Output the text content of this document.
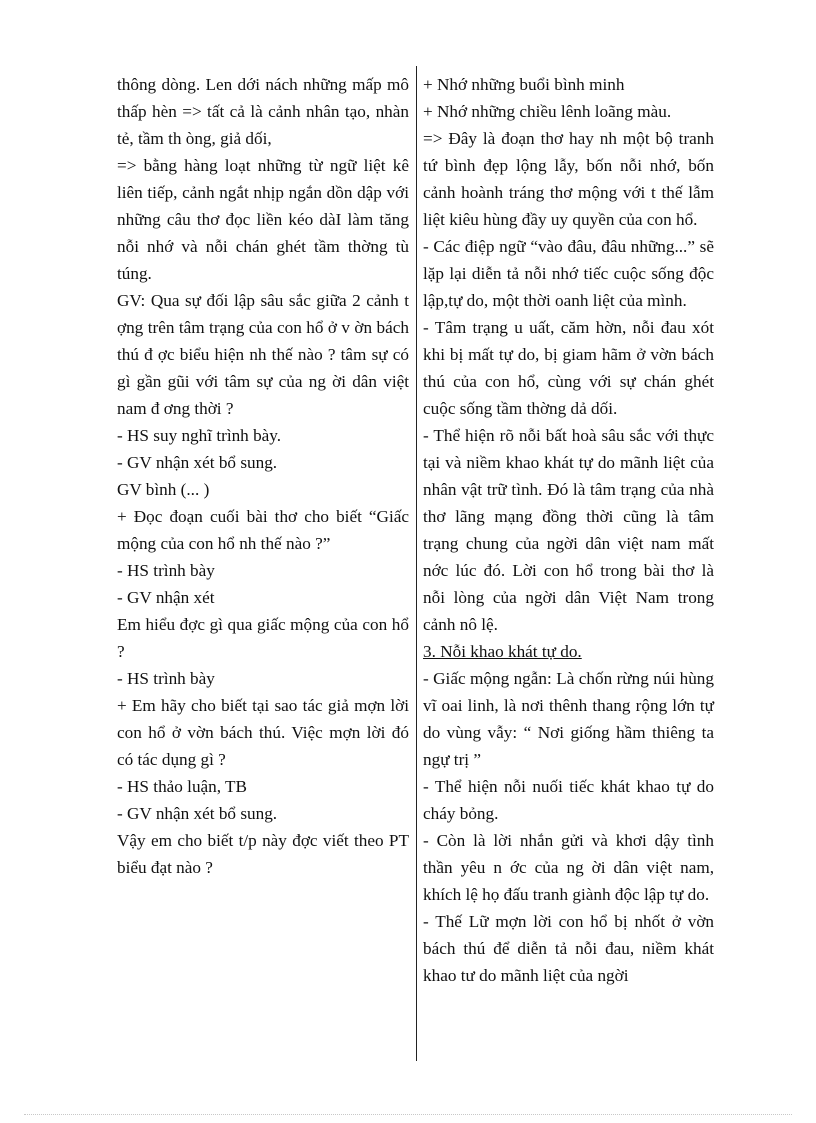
thông dòng. Len dới nách những mấp mô thấp hèn => tất cả là cảnh nhân tạo, nhàn tẻ, tầm th òng, giả dối,

=> bằng hàng loạt những từ ngữ liệt kê liên tiếp, cảnh ngắt nhịp ngắn dồn dập với những câu thơ đọc liền kéo dàI làm tăng nỗi nhớ và nỗi chán ghét tầm thờng tù túng.

GV: Qua sự đối lập sâu sắc giữa 2 cảnh t ợng trên tâm trạng của con hổ ở v ờn bách thú đ ợc biểu hiện nh thế nào ? tâm sự có gì gần gũi với tâm sự của ng ời dân việt nam đ ơng thời ?

- HS suy nghĩ trình bày.

- GV nhận xét bổ sung.

GV bình (... )

+ Đọc đoạn cuối bài thơ cho biết “Giấc mộng của con hổ nh thế nào ?”

- HS trình bày

- GV nhận xét

Em hiểu đợc gì qua giấc mộng của con hổ ?

- HS trình bày

+ Em hãy cho biết tại sao tác giả mợn lời con hổ ở vờn bách thú. Việc mợn lời đó có tác dụng gì ?

- HS thảo luận, TB

- GV nhận xét bổ sung.

Vậy em cho biết t/p này đợc viết theo PT biểu đạt nào ?

+ Nhớ những buổi bình minh

+ Nhớ những chiều lênh loãng màu.

=> Đây là đoạn thơ hay nh một bộ tranh tứ bình đẹp lộng lẫy, bốn nỗi nhớ, bốn cảnh hoành tráng thơ mộng với t thế lẫm liệt kiêu hùng đầy uy quyền của con hổ.

- Các điệp ngữ “vào đâu, đâu những...” sẽ lặp lại diễn tả nỗi nhớ tiếc cuộc sống độc lập,tự do, một thời oanh liệt của mình.

- Tâm trạng u uất, căm hờn, nỗi đau xót khi bị mất tự do, bị giam hãm ở vờn bách thú của con hổ, cùng với sự chán ghét cuộc sống tầm thờng dả dối.

- Thể hiện rõ nỗi bất hoà sâu sắc với thực tại và niềm khao khát tự do mãnh liệt của nhân vật trữ tình. Đó là tâm trạng của nhà thơ lãng mạng đồng thời cũng là tâm trạng chung của ngời dân việt nam mất nớc lúc đó. Lời con hổ trong bài thơ là nỗi lòng của ngời dân Việt Nam trong cảnh nô lệ.

3. Nỗi khao khát tự do.

- Giấc mộng ngẫn: Là chốn rừng núi hùng vĩ oai linh, là nơi thênh thang rộng lớn tự do vùng vẫy: “ Nơi giống hầm thiêng ta ngự trị ”

- Thể hiện nỗi nuối tiếc khát khao tự do cháy bỏng.

- Còn là lời nhắn gửi và khơi dậy tình thần yêu n ớc của ng ời dân việt nam, khích lệ họ đấu tranh giành độc lập tự do.

- Thế Lữ mợn lời con hổ bị nhốt ở vờn bách thú để diễn tả nỗi đau, niềm khát khao tư do mãnh liệt của ngời
